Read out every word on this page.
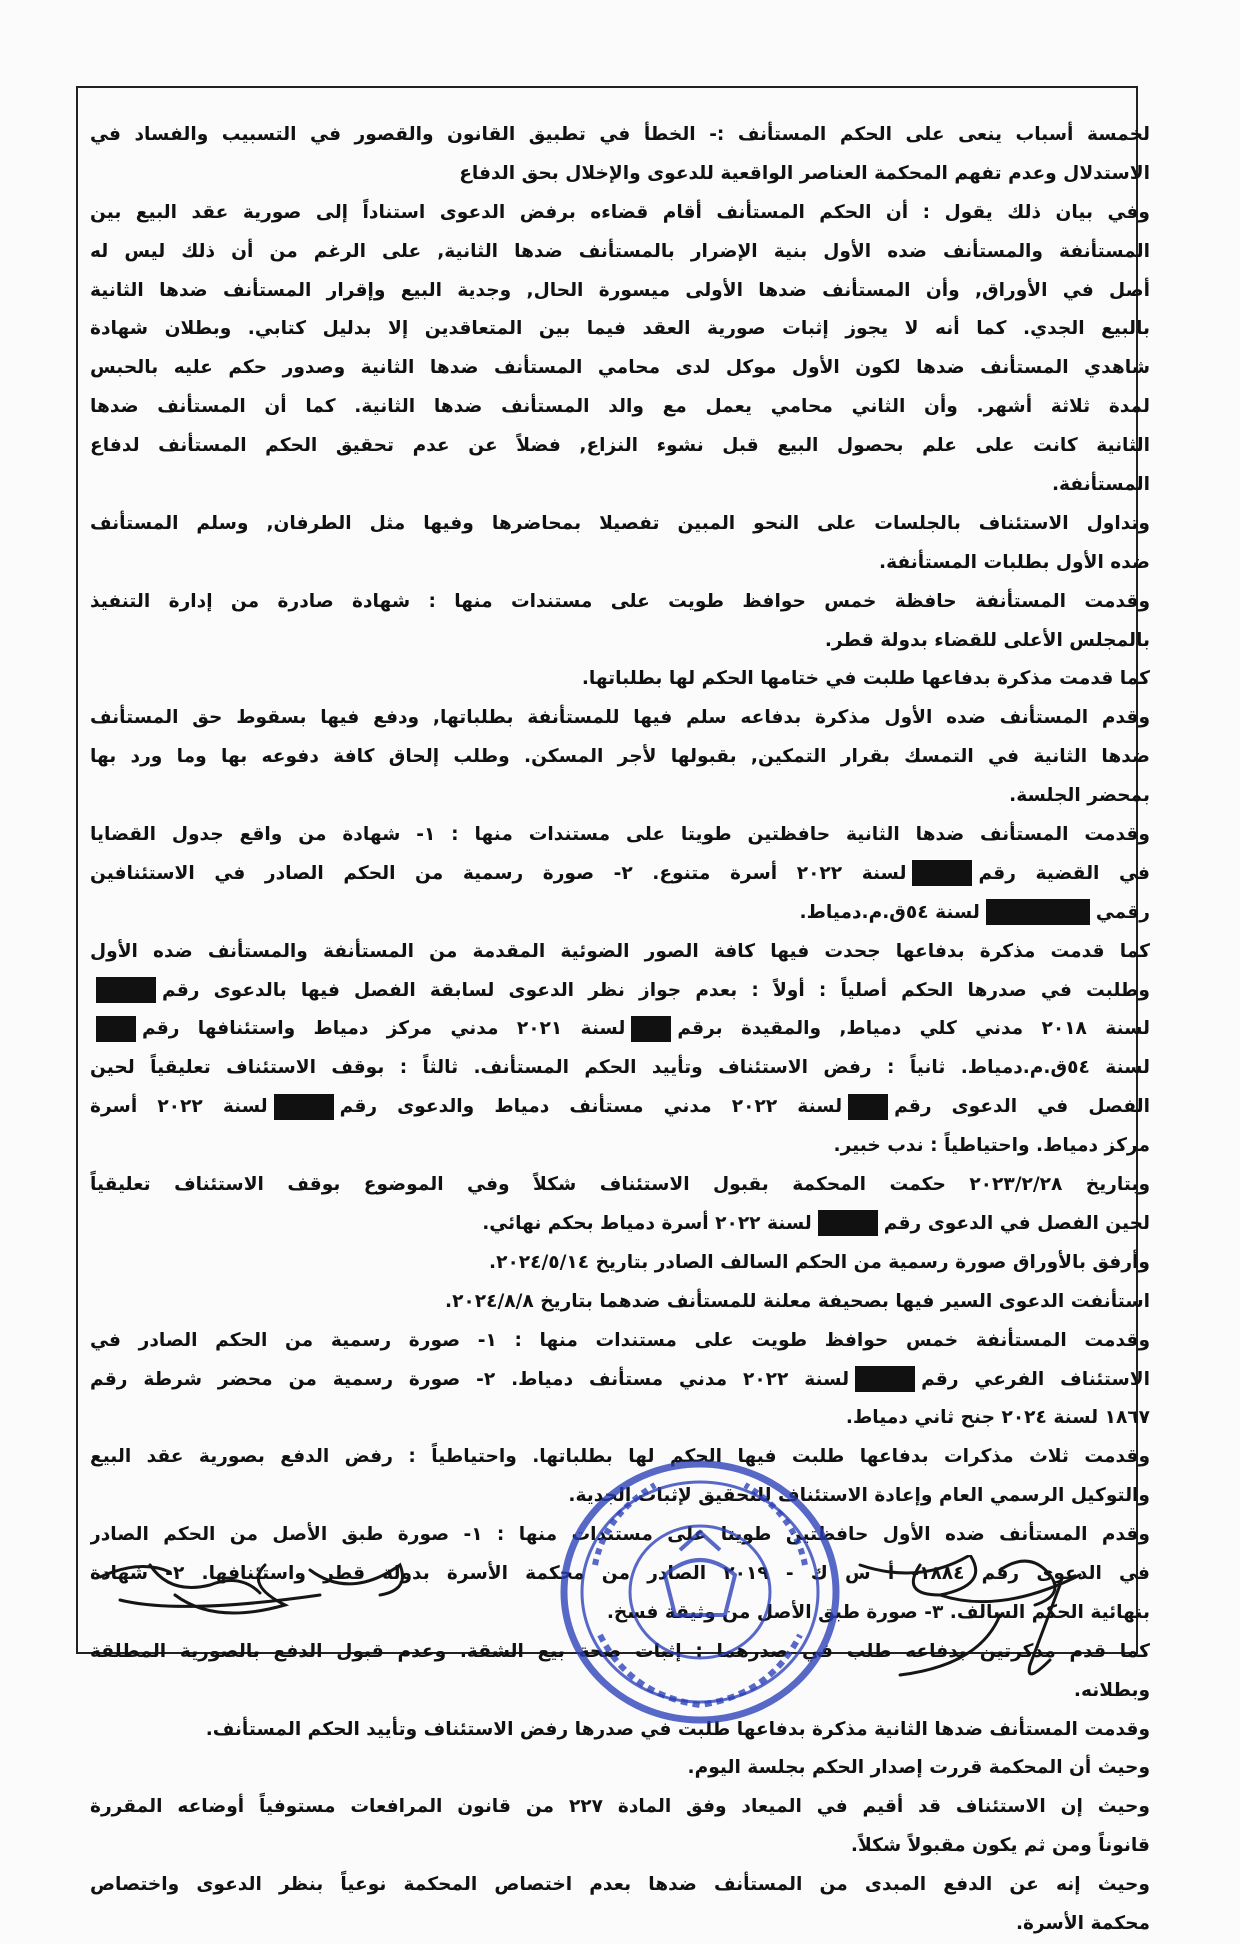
لخمسة أسباب ينعى على الحكم المستأنف :- الخطأ في تطبيق القانون والقصور في التسبيب والفساد في
الاستدلال وعدم تفهم المحكمة العناصر الواقعية للدعوى والإخلال بحق الدفاع
وفي بيان ذلك يقول : أن الحكم المستأنف أقام قضاءه برفض الدعوى استناداً إلى صورية عقد البيع بين
المستأنفة والمستأنف ضده الأول بنية الإضرار بالمستأنف ضدها الثانية, على الرغم من أن ذلك ليس له
أصل في الأوراق, وأن المستأنف ضدها الأولى ميسورة الحال, وجدية البيع وإقرار المستأنف ضدها الثانية
بالبيع الجدي. كما أنه لا يجوز إثبات صورية العقد فيما بين المتعاقدين إلا بدليل كتابي. وبطلان شهادة
شاهدي المستأنف ضدها لكون الأول موكل لدى محامي المستأنف ضدها الثانية وصدور حكم عليه بالحبس
لمدة ثلاثة أشهر. وأن الثاني محامي يعمل مع والد المستأنف ضدها الثانية. كما أن المستأنف ضدها
الثانية كانت على علم بحصول البيع قبل نشوء النزاع, فضلاً عن عدم تحقيق الحكم المستأنف لدفاع
المستأنفة.
وتداول الاستئناف بالجلسات على النحو المبين تفصيلا بمحاضرها وفيها مثل الطرفان, وسلم المستأنف
ضده الأول بطلبات المستأنفة.
وقدمت المستأنفة حافظة خمس حوافظ طويت على مستندات منها : شهادة صادرة من إدارة التنفيذ
بالمجلس الأعلى للقضاء بدولة قطر.
كما قدمت مذكرة بدفاعها طلبت في ختامها الحكم لها بطلباتها.
وقدم المستأنف ضده الأول مذكرة بدفاعه سلم فيها للمستأنفة بطلباتها, ودفع فيها بسقوط حق المستأنف
ضدها الثانية في التمسك بقرار التمكين, بقبولها لأجر المسكن. وطلب إلحاق كافة دفوعه بها وما ورد بها
بمحضر الجلسة.
وقدمت المستأنف ضدها الثانية حافظتين طويتا على مستندات منها : ١- شهادة من واقع جدول القضايا
في القضية رقملسنة ٢٠٢٢ أسرة متنوع. ٢- صورة رسمية من الحكم الصادر في الاستئنافين
رقميلسنة ٥٤ق.م.دمياط.
كما قدمت مذكرة بدفاعها جحدت فيها كافة الصور الضوئية المقدمة من المستأنفة والمستأنف ضده الأول
وطلبت في صدرها الحكم أصلياً : أولاً : بعدم جواز نظر الدعوى لسابقة الفصل فيها بالدعوى رقم
لسنة ٢٠١٨ مدني كلي دمياط, والمقيدة برقملسنة ٢٠٢١ مدني مركز دمياط واستئنافها رقم
لسنة ٥٤ق.م.دمياط. ثانياً : رفض الاستئناف وتأييد الحكم المستأنف. ثالثاً : بوقف الاستئناف تعليقياً لحين
الفصل في الدعوى رقملسنة ٢٠٢٢ مدني مستأنف دمياط والدعوى رقملسنة ٢٠٢٢ أسرة
مركز دمياط. واحتياطياً : ندب خبير.
وبتاريخ ٢٠٢٣/٢/٢٨ حكمت المحكمة بقبول الاستئناف شكلاً وفي الموضوع بوقف الاستئناف تعليقياً
لحين الفصل في الدعوى رقملسنة ٢٠٢٢ أسرة دمياط بحكم نهائي.
وأرفق بالأوراق صورة رسمية من الحكم السالف الصادر بتاريخ ٢٠٢٤/٥/١٤.
استأنفت الدعوى السير فيها بصحيفة معلنة للمستأنف ضدهما بتاريخ ٢٠٢٤/٨/٨.
وقدمت المستأنفة خمس حوافظ طويت على مستندات منها : ١- صورة رسمية من الحكم الصادر في
الاستئناف الفرعي رقملسنة ٢٠٢٢ مدني مستأنف دمياط. ٢- صورة رسمية من محضر شرطة رقم
١٨٦٧ لسنة ٢٠٢٤ جنح ثاني دمياط.
وقدمت ثلاث مذكرات بدفاعها طلبت فيها الحكم لها بطلباتها. واحتياطياً : رفض الدفع بصورية عقد البيع
والتوكيل الرسمي العام وإعادة الاستئناف للتحقيق لإثبات الجدية.
وقدم المستأنف ضده الأول حافظتين طويتا على مستندات منها : ١- صورة طبق الأصل من الحكم الصادر
في الدعوى رقم ١٨٨٤- أ س ك - ٢٠١٩ الصادر من محكمة الأسرة بدولة قطر واستئنافها. ٢- شهادة
بنهائية الحكم السالف. ٣- صورة طبق الأصل من وثيقة فسخ.
كما قدم مذكرتين بدفاعه طلب في صدرهما : إثبات صحة بيع الشقة. وعدم قبول الدفع بالصورية المطلقة
وبطلانه.
وقدمت المستأنف ضدها الثانية مذكرة بدفاعها طلبت في صدرها رفض الاستئناف وتأييد الحكم المستأنف.
وحيث أن المحكمة قررت إصدار الحكم بجلسة اليوم.
وحيث إن الاستئناف قد أقيم في الميعاد وفق المادة ٢٢٧ من قانون المرافعات مستوفياً أوضاعه المقررة
قانوناً ومن ثم يكون مقبولاً شكلاً.
وحيث إنه عن الدفع المبدى من المستأنف ضدها بعدم اختصاص المحكمة نوعياً بنظر الدعوى واختصاص
محكمة الأسرة.
